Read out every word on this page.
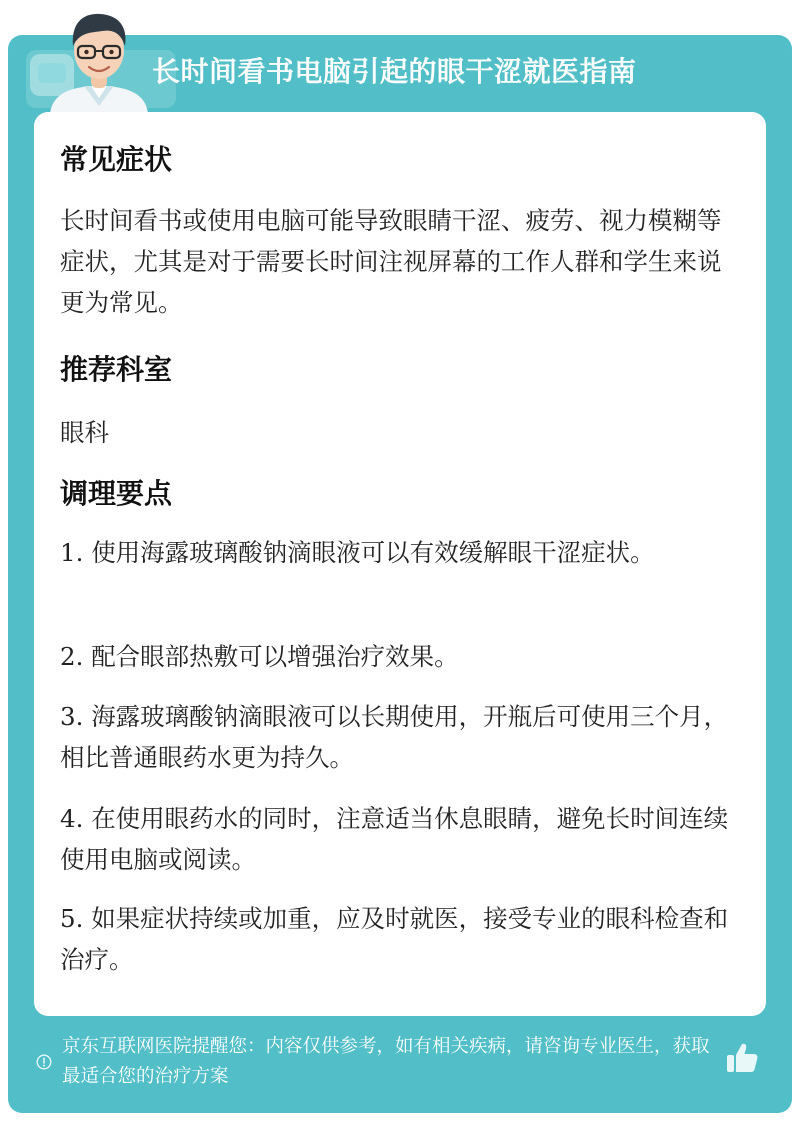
长时间看书电脑引起的眼干涩就医指南
常见症状
长时间看书或使用电脑可能导致眼睛干涩、疲劳、视力模糊等症状，尤其是对于需要长时间注视屏幕的工作人群和学生来说更为常见。
推荐科室
眼科
调理要点
1. 使用海露玻璃酸钠滴眼液可以有效缓解眼干涩症状。
2. 配合眼部热敷可以增强治疗效果。
3. 海露玻璃酸钠滴眼液可以长期使用，开瓶后可使用三个月，相比普通眼药水更为持久。
4. 在使用眼药水的同时，注意适当休息眼睛，避免长时间连续使用电脑或阅读。
5. 如果症状持续或加重，应及时就医，接受专业的眼科检查和治疗。
京东互联网医院提醒您：内容仅供参考，如有相关疾病，请咨询专业医生，获取最适合您的治疗方案
